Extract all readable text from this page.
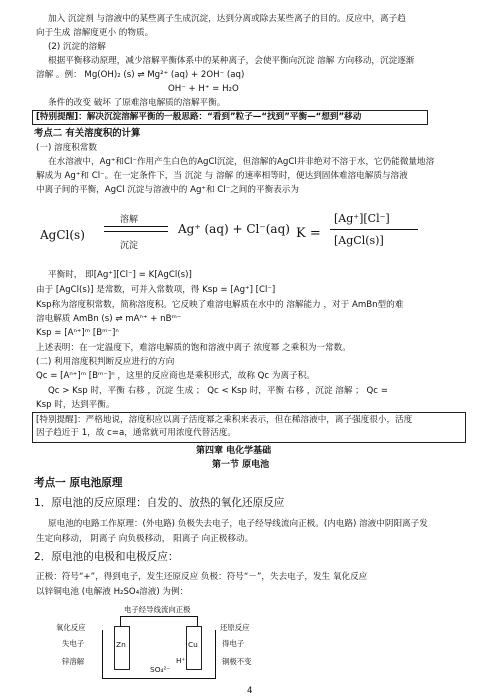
加入 沉淀剂 与溶液中的某些离子生成沉淀，达到分离或除去某些离子的目的。反应中，离子趋
向于生成 溶解度更小 的物质。
(2) 沉淀的溶解
根据平衡移动原理，减少溶解平衡体系中的某种离子，会使平衡向沉淀 溶解 方向移动，沉淀逐渐
溶解 。例： Mg(OH)₂ (s) ⇌ Mg²⁺ (aq) + 2OH⁻ (aq)
OH⁻ + H⁺ = H₂O
条件的改变 破坏 了原难溶电解质的溶解平衡。
[特别提醒]：解决沉淀溶解平衡的一般思路：“看到”粒子—“找到”平衡—“想到”移动
考点二 有关溶度积的计算
(一) 溶度积常数
在水溶液中，Ag⁺和Cl⁻作用产生白色的AgCl沉淀，但溶解的AgCl并非绝对不溶于水，它仍能微量地溶
解成为 Ag⁺和 Cl⁻。在一定条件下，当 沉淀 与 溶解 的速率相等时，便达到固体难溶电解质与溶液
中离子间的平衡，AgCl 沉淀与溶液中的 Ag⁺和 Cl⁻之间的平衡表示为
AgCl(s)
溶解
沉淀
Ag⁺ (aq) + Cl⁻(aq) K =
[Ag⁺][Cl⁻]
[AgCl(s)]
平衡时， 即[Ag⁺][Cl⁻] = K[AgCl(s)]
由于 [AgCl(s)] 是常数，可并入常数项，得 Ksp = [Ag⁺] [Cl⁻]
Ksp称为溶度积常数，简称溶度积。它反映了难溶电解质在水中的 溶解能力 ，对于 AmBn型的难
溶电解质 AmBn (s) ⇌ mAⁿ⁺ + nBᵐ⁻
Ksp = [Aⁿ⁺]ᵐ [Bᵐ⁻]ⁿ
上述表明：在一定温度下，难溶电解质的饱和溶液中离子 浓度幂 之乘积为一常数。
(二) 利用溶度积判断反应进行的方向
Qc = [Aⁿ⁺]ᵐ [Bᵐ⁻]ⁿ ，这里的反应商也是乘积形式，故称 Qc 为离子积。
Qc > Ksp 时，平衡 右移 ，沉淀 生成 ； Qc < Ksp 时，平衡 右移 ，沉淀 溶解 ； Qc =
Ksp 时，达到平衡。
[特别提醒]：严格地说，溶度积应以离子活度幂之乘积来表示，但在稀溶液中，离子强度很小，活度
因子趋近于 1，故 c=a，通常就可用浓度代替活度。
第四章 电化学基础
第一节 原电池
考点一 原电池原理
1．原电池的反应原理：自发的、放热的氧化还原反应
原电池的电路工作原理：(外电路) 负极失去电子，电子经导线流向正极。(内电路) 溶液中阴阳离子发
生定向移动， 阴离子 向负极移动， 阳离子 向正极移动。
2．原电池的电极和电极反应：
正极：符号“+”，得到电子，发生还原反应 负极：符号“－”，失去电子，发生 氧化反应
以锌铜电池 (电解液 H₂SO₄溶液) 为例：
电子经导线流向正极
Zn	Cu
SO₄²⁻
H⁺
氧化反应
失电子
锌溶解
还原反应
得电子
铜极不变
4
